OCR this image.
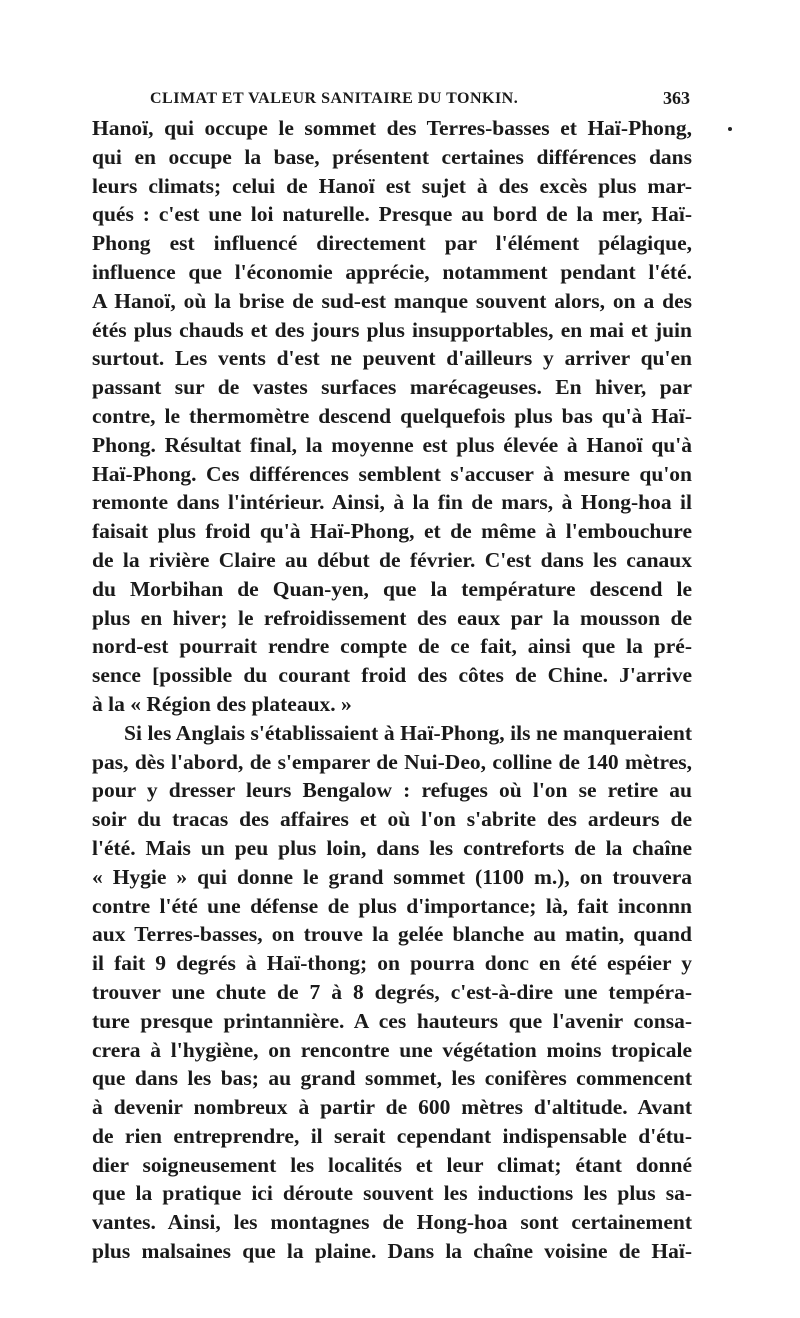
CLIMAT ET VALEUR SANITAIRE DU TONKIN.	363
Hanoï, qui occupe le sommet des Terres-basses et Haï-Phong,
qui en occupe la base, présentent certaines différences dans
leurs climats; celui de Hanoï est sujet à des excès plus mar-
qués : c'est une loi naturelle. Presque au bord de la mer, Haï-
Phong est influencé directement par l'élément pélagique,
influence que l'économie apprécie, notamment pendant l'été.
A Hanoï, où la brise de sud-est manque souvent alors, on a des
étés plus chauds et des jours plus insupportables, en mai et juin
surtout. Les vents d'est ne peuvent d'ailleurs y arriver qu'en
passant sur de vastes surfaces marécageuses. En hiver, par
contre, le thermomètre descend quelquefois plus bas qu'à Haï-
Phong. Résultat final, la moyenne est plus élevée à Hanoï qu'à
Haï-Phong. Ces différences semblent s'accuser à mesure qu'on
remonte dans l'intérieur. Ainsi, à la fin de mars, à Hong-hoa il
faisait plus froid qu'à Haï-Phong, et de même à l'embouchure
de la rivière Claire au début de février. C'est dans les canaux
du Morbihan de Quan-yen, que la température descend le
plus en hiver; le refroidissement des eaux par la mousson de
nord-est pourrait rendre compte de ce fait, ainsi que la pré-
sence [possible du courant froid des côtes de Chine. J'arrive
à la « Région des plateaux. »
Si les Anglais s'établissaient à Haï-Phong, ils ne manqueraient
pas, dès l'abord, de s'emparer de Nui-Deo, colline de 140 mètres,
pour y dresser leurs Bengalow : refuges où l'on se retire au
soir du tracas des affaires et où l'on s'abrite des ardeurs de
l'été. Mais un peu plus loin, dans les contreforts de la chaîne
« Hygie » qui donne le grand sommet (1100 m.), on trouvera
contre l'été une défense de plus d'importance; là, fait inconnn
aux Terres-basses, on trouve la gelée blanche au matin, quand
il fait 9 degrés à Haï-thong; on pourra donc en été espéier y
trouver une chute de 7 à 8 degrés, c'est-à-dire une tempéra-
ture presque printannière. A ces hauteurs que l'avenir consa-
crera à l'hygiène, on rencontre une végétation moins tropicale
que dans les bas; au grand sommet, les conifères commencent
à devenir nombreux à partir de 600 mètres d'altitude. Avant
de rien entreprendre, il serait cependant indispensable d'étu-
dier soigneusement les localités et leur climat; étant donné
que la pratique ici déroute souvent les inductions les plus sa-
vantes. Ainsi, les montagnes de Hong-hoa sont certainement
plus malsaines que la plaine. Dans la chaîne voisine de Haï-
